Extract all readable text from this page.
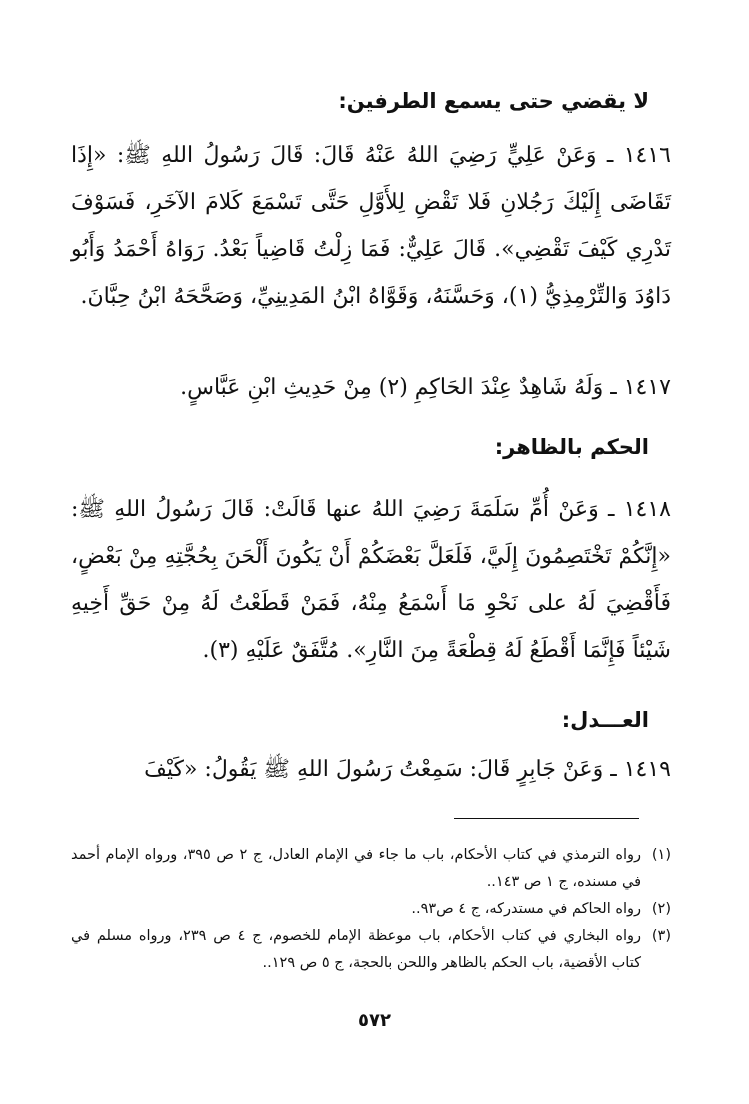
لا يقضي حتى يسمع الطرفين:
١٤١٦ ـ وَعَنْ عَلِيٍّ رَضِيَ اللهُ عَنْهُ قَالَ: قَالَ رَسُولُ اللهِ ﷺ: «إِذَا تَقَاضَى إِلَيْكَ رَجُلانِ فَلا تَقْضِ لِلأَوَّلِ حَتَّى تَسْمَعَ كَلامَ الآخَرِ، فَسَوْفَ تَدْرِي كَيْفَ تَقْضِي». قَالَ عَلِيٌّ: فَمَا زِلْتُ قَاضِياً بَعْدُ. رَوَاهُ أَحْمَدُ وَأَبُو دَاوُدَ وَالتِّرْمِذِيُّ (١)، وَحَسَّنَهُ، وَقَوَّاهُ ابْنُ المَدِينِيِّ، وَصَحَّحَهُ ابْنُ حِبَّانَ.
١٤١٧ ـ وَلَهُ شَاهِدٌ عِنْدَ الحَاكِمِ (٢) مِنْ حَدِيثِ ابْنِ عَبَّاسٍ.
الحكم بالظاهر:
١٤١٨ ـ وَعَنْ أُمِّ سَلَمَةَ رَضِيَ اللهُ عنها قَالَتْ: قَالَ رَسُولُ اللهِ ﷺ: «إِنَّكُمْ تَخْتَصِمُونَ إِلَيَّ، فَلَعَلَّ بَعْضَكُمْ أَنْ يَكُونَ أَلْحَنَ بِحُجَّتِهِ مِنْ بَعْضٍ، فَأَقْضِيَ لَهُ على نَحْوِ مَا أَسْمَعُ مِنْهُ، فَمَنْ قَطَعْتُ لَهُ مِنْ حَقِّ أَخِيهِ شَيْئاً فَإِنَّمَا أَقْطَعُ لَهُ قِطْعَةً مِنَ النَّارِ». مُتَّفَقٌ عَلَيْهِ (٣).
العـــدل:
١٤١٩ ـ وَعَنْ جَابِرٍ قَالَ: سَمِعْتُ رَسُولَ اللهِ ﷺ يَقُولُ: «كَيْفَ
(١)
رواه الترمذي في كتاب الأحكام، باب ما جاء في الإمام العادل، ج ٢ ص ٣٩٥، ورواه الإمام أحمد في مسنده، ج ١ ص ١٤٣..
(٢)
رواه الحاكم في مستدركه، ج ٤ ص٩٣..
(٣)
رواه البخاري في كتاب الأحكام، باب موعظة الإمام للخصوم، ج ٤ ص ٢٣٩، ورواه مسلم في كتاب الأقضية، باب الحكم بالظاهر واللحن بالحجة، ج ٥ ص ١٢٩..
٥٧٢
